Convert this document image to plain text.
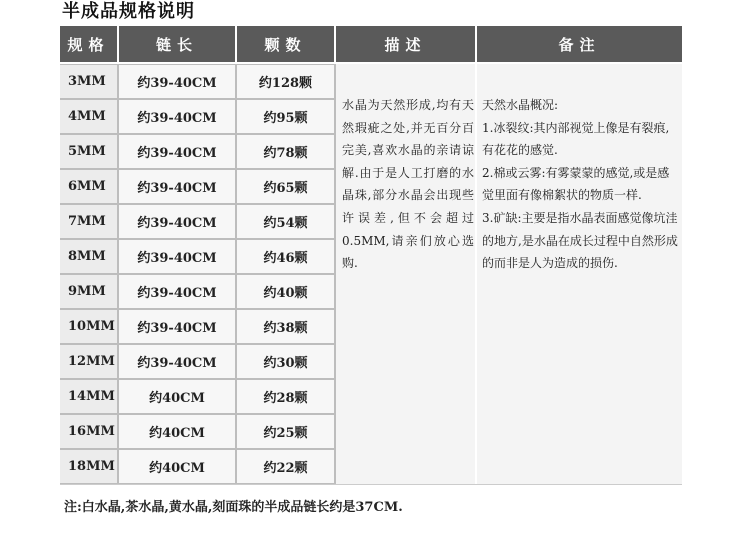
半成品规格说明
规格	链长	颗数	描述	备注
3MM	约39-40CM	约128颗
4MM	约39-40CM	约95颗
5MM	约39-40CM	约78颗
6MM	约39-40CM	约65颗
7MM	约39-40CM	约54颗
8MM	约39-40CM	约46颗
9MM	约39-40CM	约40颗
10MM	约39-40CM	约38颗
12MM	约39-40CM	约30颗
14MM	约40CM	约28颗
16MM	约40CM	约25颗
18MM	约40CM	约22颗
水晶为天然形成,均有天然瑕疵之处,并无百分百完美,喜欢水晶的亲请谅解.由于是人工打磨的水晶珠,部分水晶会出现些许误差,但不会超过0.5MM,请亲们放心选购.
天然水晶概况:
1.冰裂纹:其内部视觉上像是有裂痕,有花花的感觉.
2.棉或云雾:有雾蒙蒙的感觉,或是感觉里面有像棉絮状的物质一样.
3.矿缺:主要是指水晶表面感觉像坑洼的地方,是水晶在成长过程中自然形成的而非是人为造成的损伤.
注:白水晶,茶水晶,黄水晶,刻面珠的半成品链长约是37CM.
